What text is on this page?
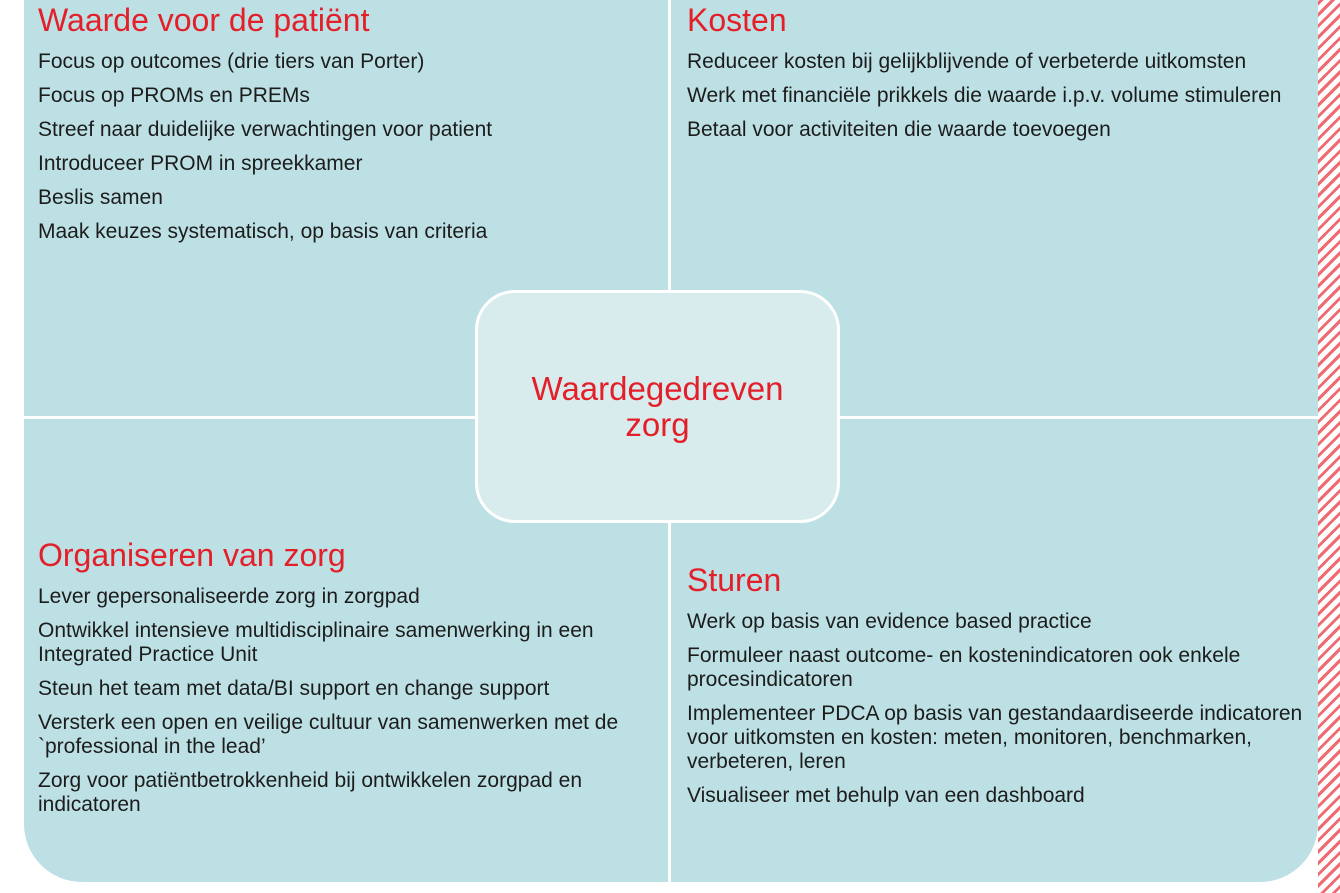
Waarde voor de patiënt
Focus op outcomes (drie tiers van Porter)
Focus op PROMs en PREMs
Streef naar duidelijke verwachtingen voor patient
Introduceer PROM in spreekkamer
Beslis samen
Maak keuzes systematisch, op basis van criteria
Kosten
Reduceer kosten bij gelijkblijvende of verbeterde uitkomsten
Werk met financiële prikkels die waarde i.p.v. volume stimuleren
Betaal voor activiteiten die waarde toevoegen
Organiseren van zorg
Lever gepersonaliseerde zorg in zorgpad
Ontwikkel intensieve multidisciplinaire samenwerking in een Integrated Practice Unit
Steun het team met data/BI support en change support
Versterk een open en veilige cultuur van samenwerken met de `professional in the lead’
Zorg voor patiëntbetrokkenheid bij ontwikkelen zorgpad en indicatoren
Sturen
Werk op basis van evidence based practice
Formuleer naast outcome- en kostenindicatoren ook enkele procesindicatoren
Implementeer PDCA op basis van gestandaardiseerde indicatoren voor uitkomsten en kosten: meten, monitoren, benchmarken, verbeteren, leren
Visualiseer met behulp van een dashboard
Waardegedreven zorg
